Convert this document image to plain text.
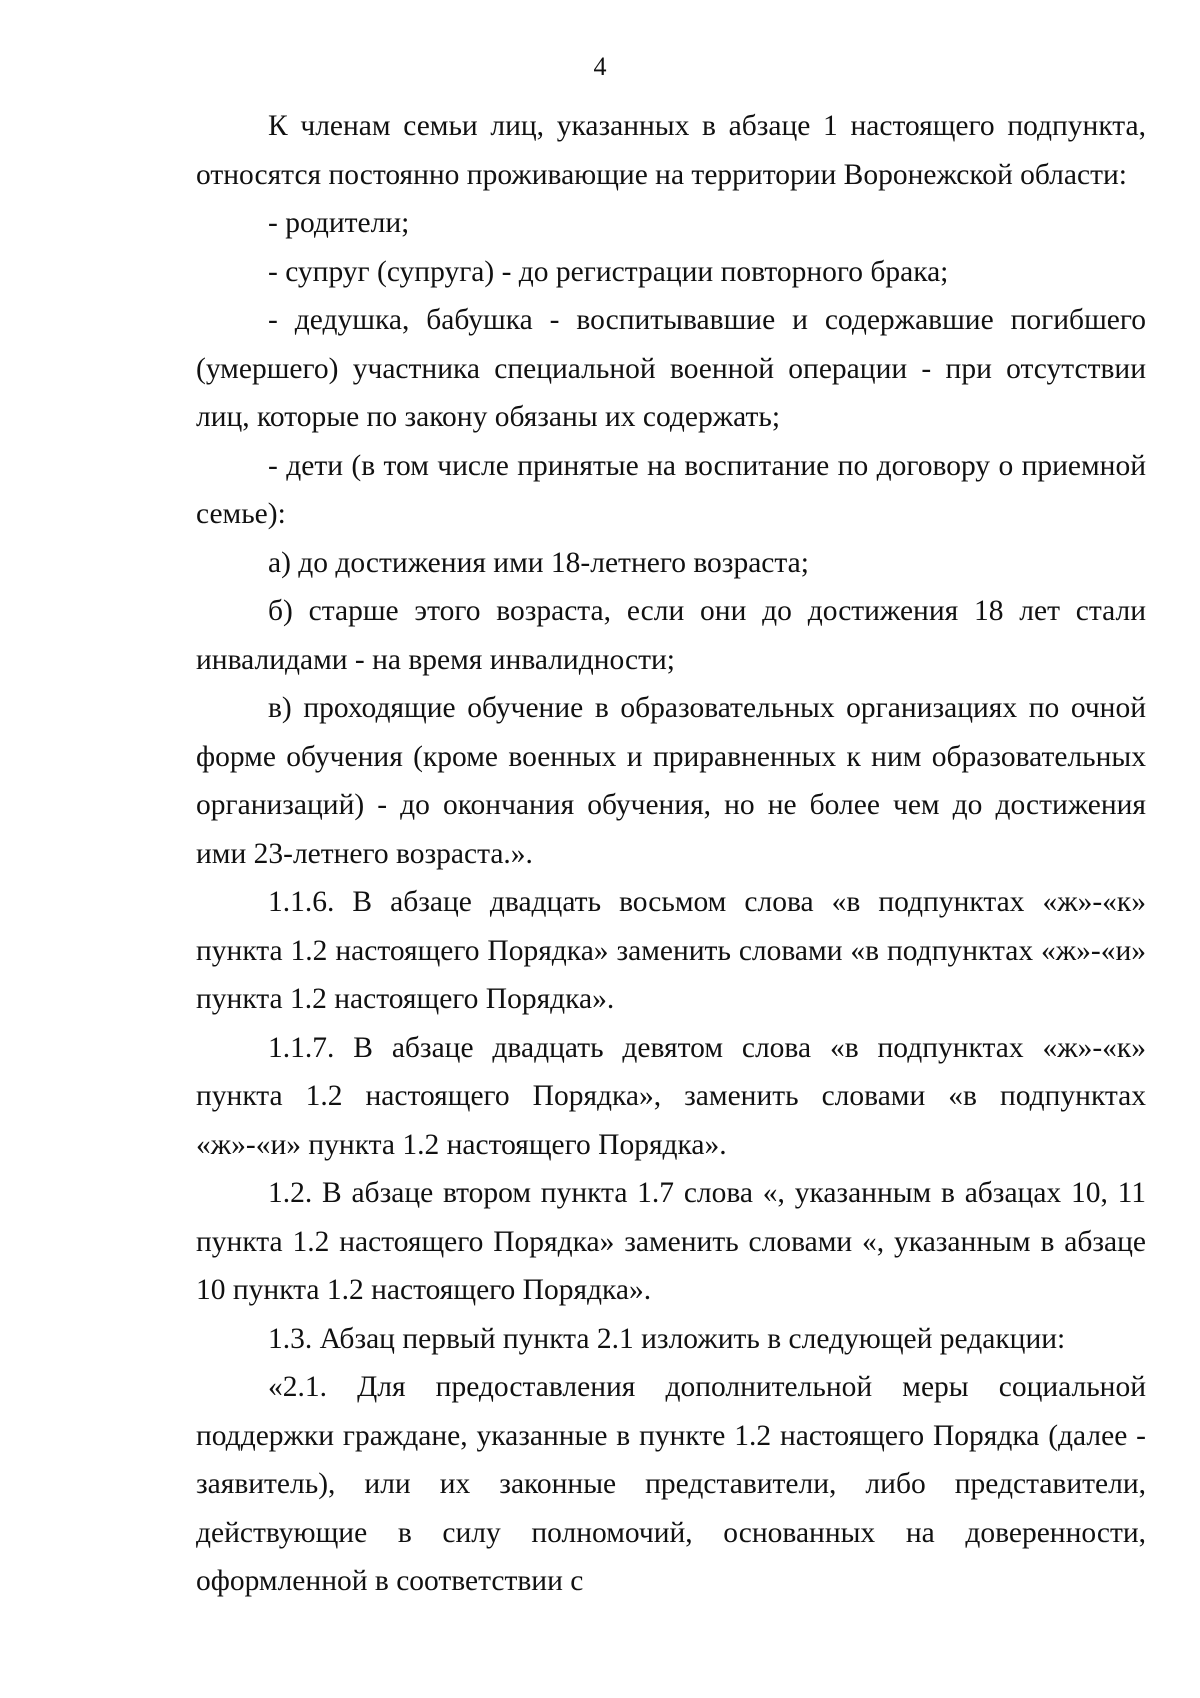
4

К членам семьи лиц, указанных в абзаце 1 настоящего подпункта, относятся постоянно проживающие на территории Воронежской области:

- родители;

- супруг (супруга) - до регистрации повторного брака;

- дедушка, бабушка - воспитывавшие и содержавшие погибшего (умершего) участника специальной военной операции - при отсутствии лиц, которые по закону обязаны их содержать;

- дети (в том числе принятые на воспитание по договору о приемной семье):

а) до достижения ими 18-летнего возраста;

б) старше этого возраста, если они до достижения 18 лет стали инвалидами - на время инвалидности;

в) проходящие обучение в образовательных организациях по очной форме обучения (кроме военных и приравненных к ним образовательных организаций) - до окончания обучения, но не более чем до достижения ими 23-летнего возраста.».

1.1.6. В абзаце двадцать восьмом слова «в подпунктах «ж»-«к» пункта 1.2 настоящего Порядка» заменить словами «в подпунктах «ж»-«и» пункта 1.2 настоящего Порядка».

1.1.7. В абзаце двадцать девятом слова «в подпунктах «ж»-«к» пункта 1.2 настоящего Порядка», заменить словами «в подпунктах «ж»-«и» пункта 1.2 настоящего Порядка».

1.2. В абзаце втором пункта 1.7 слова «, указанным в абзацах 10, 11 пункта 1.2 настоящего Порядка» заменить словами «, указанным в абзаце 10 пункта 1.2 настоящего Порядка».

1.3. Абзац первый пункта 2.1 изложить в следующей редакции:

«2.1. Для предоставления дополнительной меры социальной поддержки граждане, указанные в пункте 1.2 настоящего Порядка (далее - заявитель), или их законные представители, либо представители, действующие в силу полномочий, основанных на доверенности, оформленной в соответствии с
